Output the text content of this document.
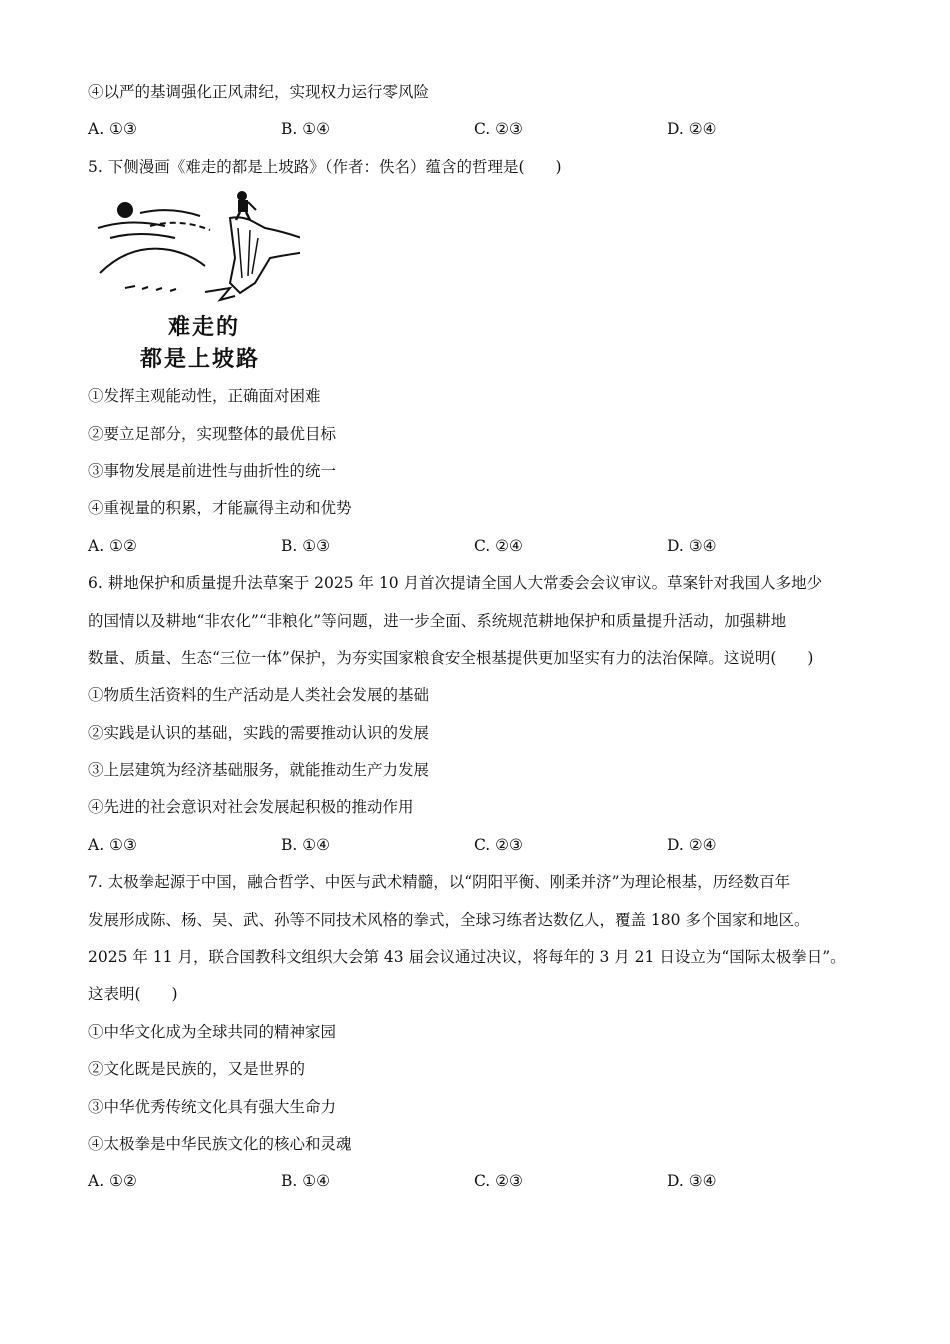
④以严的基调强化正风肃纪，实现权力运行零风险
A. ①③	B. ①④	C. ②③	D. ②④
5. 下侧漫画《难走的都是上坡路》（作者：佚名）蕴含的哲理是(　　)
难走的
都是上坡路
①发挥主观能动性，正确面对困难
②要立足部分，实现整体的最优目标
③事物发展是前进性与曲折性的统一
④重视量的积累，才能赢得主动和优势
A. ①②	B. ①③	C. ②④	D. ③④
6. 耕地保护和质量提升法草案于 2025 年 10 月首次提请全国人大常委会会议审议。草案针对我国人多地少
的国情以及耕地“非农化”“非粮化”等问题，进一步全面、系统规范耕地保护和质量提升活动，加强耕地
数量、质量、生态“三位一体”保护，为夯实国家粮食安全根基提供更加坚实有力的法治保障。这说明(　　)
①物质生活资料的生产活动是人类社会发展的基础
②实践是认识的基础，实践的需要推动认识的发展
③上层建筑为经济基础服务，就能推动生产力发展
④先进的社会意识对社会发展起积极的推动作用
A. ①③	B. ①④	C. ②③	D. ②④
7. 太极拳起源于中国，融合哲学、中医与武术精髓，以“阴阳平衡、刚柔并济”为理论根基，历经数百年
发展形成陈、杨、吴、武、孙等不同技术风格的拳式，全球习练者达数亿人，覆盖 180 多个国家和地区。
2025 年 11 月，联合国教科文组织大会第 43 届会议通过决议，将每年的 3 月 21 日设立为“国际太极拳日”。
这表明(　　)
①中华文化成为全球共同的精神家园
②文化既是民族的，又是世界的
③中华优秀传统文化具有强大生命力
④太极拳是中华民族文化的核心和灵魂
A. ①②	B. ①④	C. ②③	D. ③④
